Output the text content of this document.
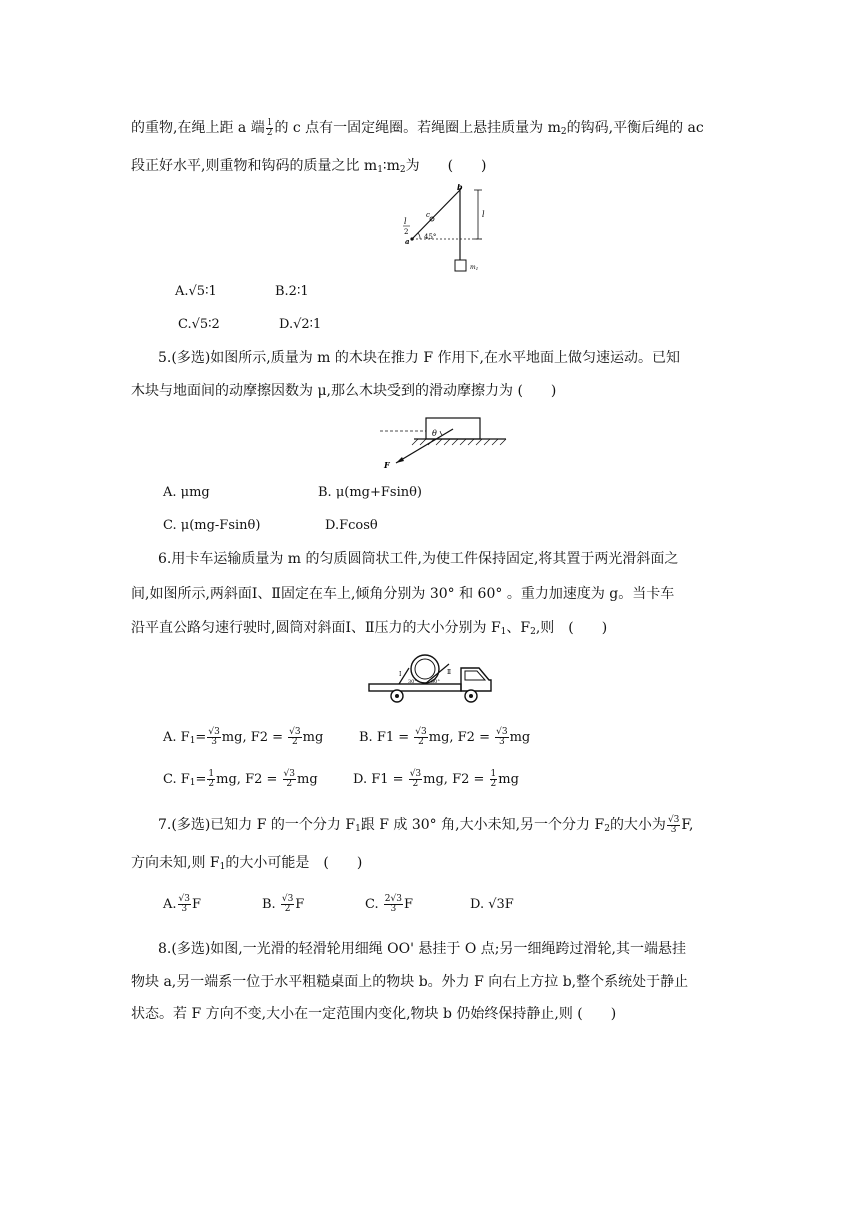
的重物,在绳上距 a 端 $\frac{l}{2}$ 的 c 点有一固定绳圈。若绳圈上悬挂质量为 $m_2$的钩码,平衡后绳的 ac
段正好水平,则重物和钩码的质量之比 $m_1∶m_2$为　　(　　)
b
c
a
l
2
45°
l
m1
A.√5∶1	B.2∶1
C.√5∶2	D.√2∶1
5.(多选)如图所示,质量为 m 的木块在推力 F 作用下,在水平地面上做匀速运动。已知
木块与地面间的动摩擦因数为 μ,那么木块受到的滑动摩擦力为 (　　)
θ
F
A. μmg	B. μ(mg+Fsinθ)
C. μ(mg-Fsinθ)	D.Fcosθ
6.用卡车运输质量为 m 的匀质圆筒状工件,为使工件保持固定,将其置于两光滑斜面之
间,如图所示,两斜面Ⅰ、Ⅱ固定在车上,倾角分别为 30° 和 60° 。重力加速度为 g。当卡车
沿平直公路匀速行驶时,圆筒对斜面Ⅰ、Ⅱ压力的大小分别为 $F_1$、$F_2$,则　(　　)
Ⅰ	Ⅱ
30°	60°
A. $F_1= \frac{√3}{3}$ mg, $F2 = \frac{√3}{2}$ mg	B. $F1 = \frac{√3}{2}$ mg, $F2 = \frac{√3}{3}$ mg
C. $F_1= \frac{1}{2}$ mg, $F2 = \frac{√3}{2}$ mg	D. $F1 = \frac{√3}{2}$ mg, $F2 = \frac{1}{2}$ mg
7.(多选)已知力 F 的一个分力 $F_1$跟 F 成 30° 角,大小未知,另一个分力 $F_2$的大小为 $\frac{√3}{3} F$,
方向未知,则 $F_1$的大小可能是　(　　)
A. $\frac{√3}{3}$ F	B. $\frac{√3}{2}$ F	C. $\frac{2√3}{3}$ F	D. √3F
8.(多选)如图,一光滑的轻滑轮用细绳 OO' 悬挂于 O 点;另一细绳跨过滑轮,其一端悬挂
物块 a,另一端系一位于水平粗糙桌面上的物块 b。外力 F 向右上方拉 b,整个系统处于静止
状态。若 F 方向不变,大小在一定范围内变化,物块 b 仍始终保持静止,则 (　　)
